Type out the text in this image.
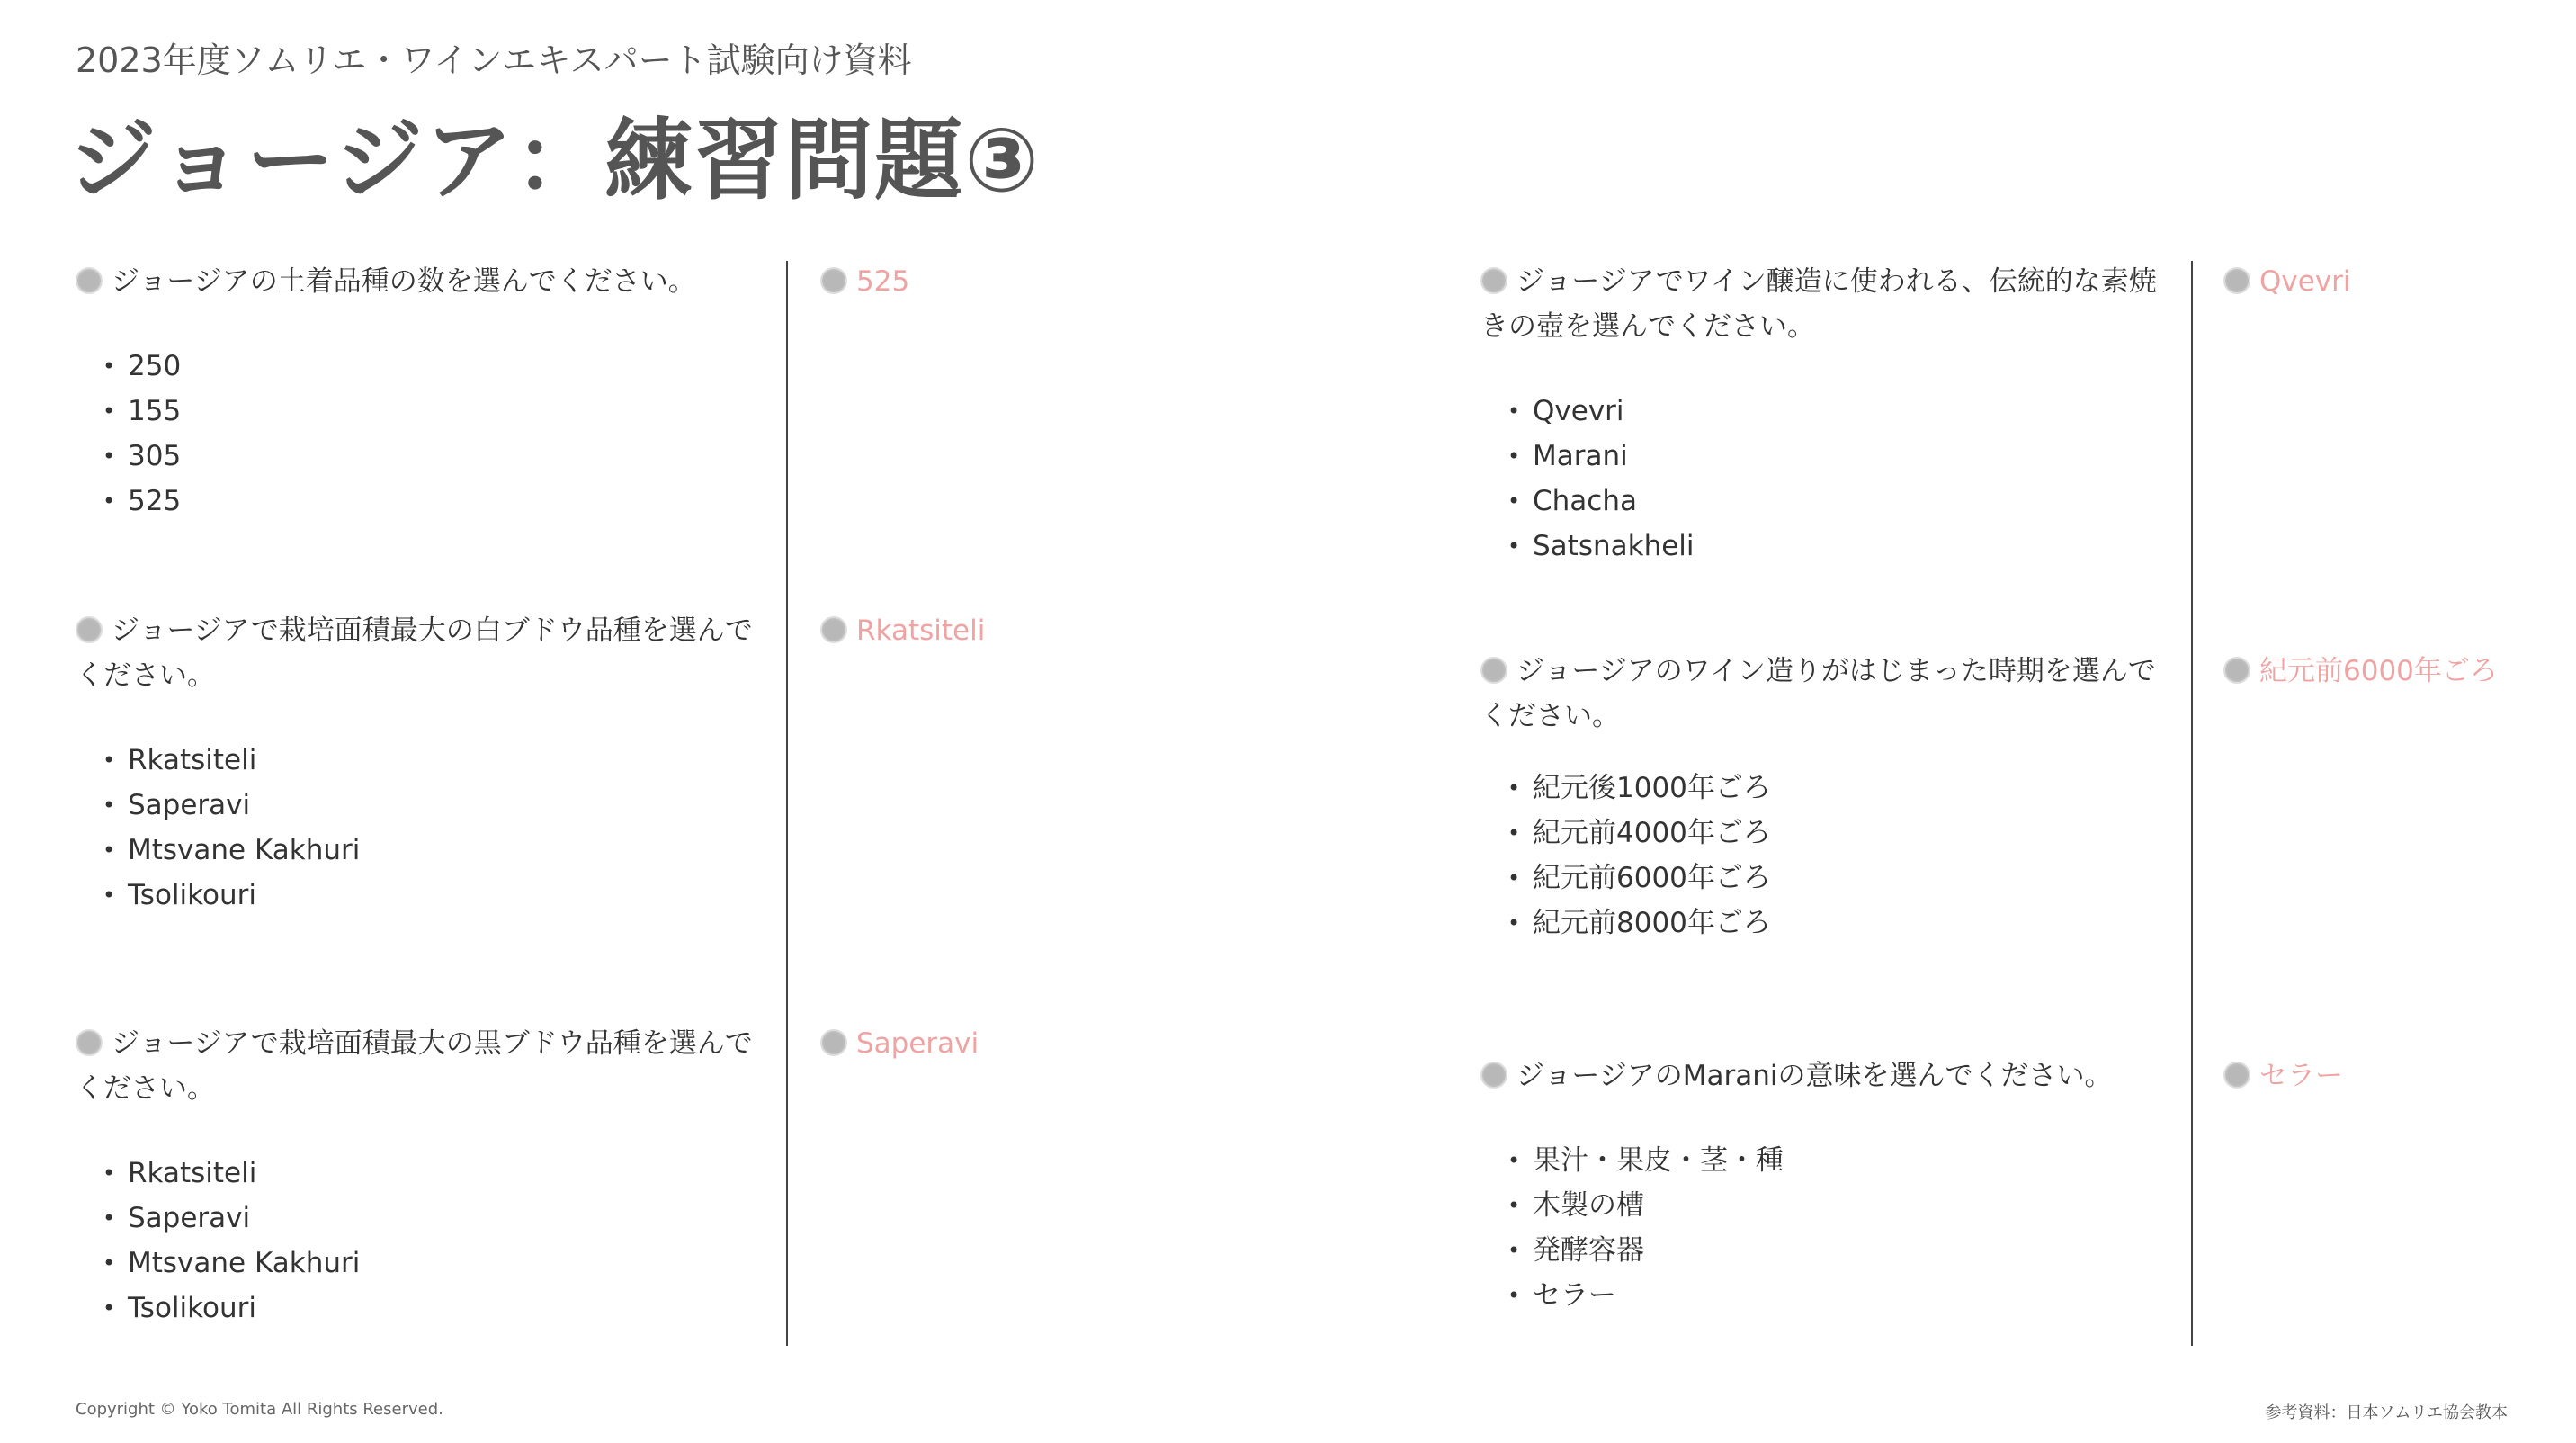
2023年度ソムリエ・ワインエキスパート試験向け資料
ジョージア：練習問題③
ジョージアの土着品種の数を選んでください。
• 250
• 155
• 305
• 525
525
ジョージアで栽培面積最大の白ブドウ品種を選んでください。
• Rkatsiteli
• Saperavi
• Mtsvane Kakhuri
• Tsolikouri
Rkatsiteli
ジョージアで栽培面積最大の黒ブドウ品種を選んでください。
• Rkatsiteli
• Saperavi
• Mtsvane Kakhuri
• Tsolikouri
Saperavi
ジョージアでワイン醸造に使われる、伝統的な素焼きの壺を選んでください。
• Qvevri
• Marani
• Chacha
• Satsnakheli
Qvevri
ジョージアのワイン造りがはじまった時期を選んでください。
• 紀元後1000年ごろ
• 紀元前4000年ごろ
• 紀元前6000年ごろ
• 紀元前8000年ごろ
紀元前6000年ごろ
ジョージアのMaraniの意味を選んでください。
• 果汁・果皮・茎・種
• 木製の槽
• 発酵容器
• セラー
セラー
Copyright © Yoko Tomita All Rights Reserved.	参考資料：日本ソムリエ協会教本
